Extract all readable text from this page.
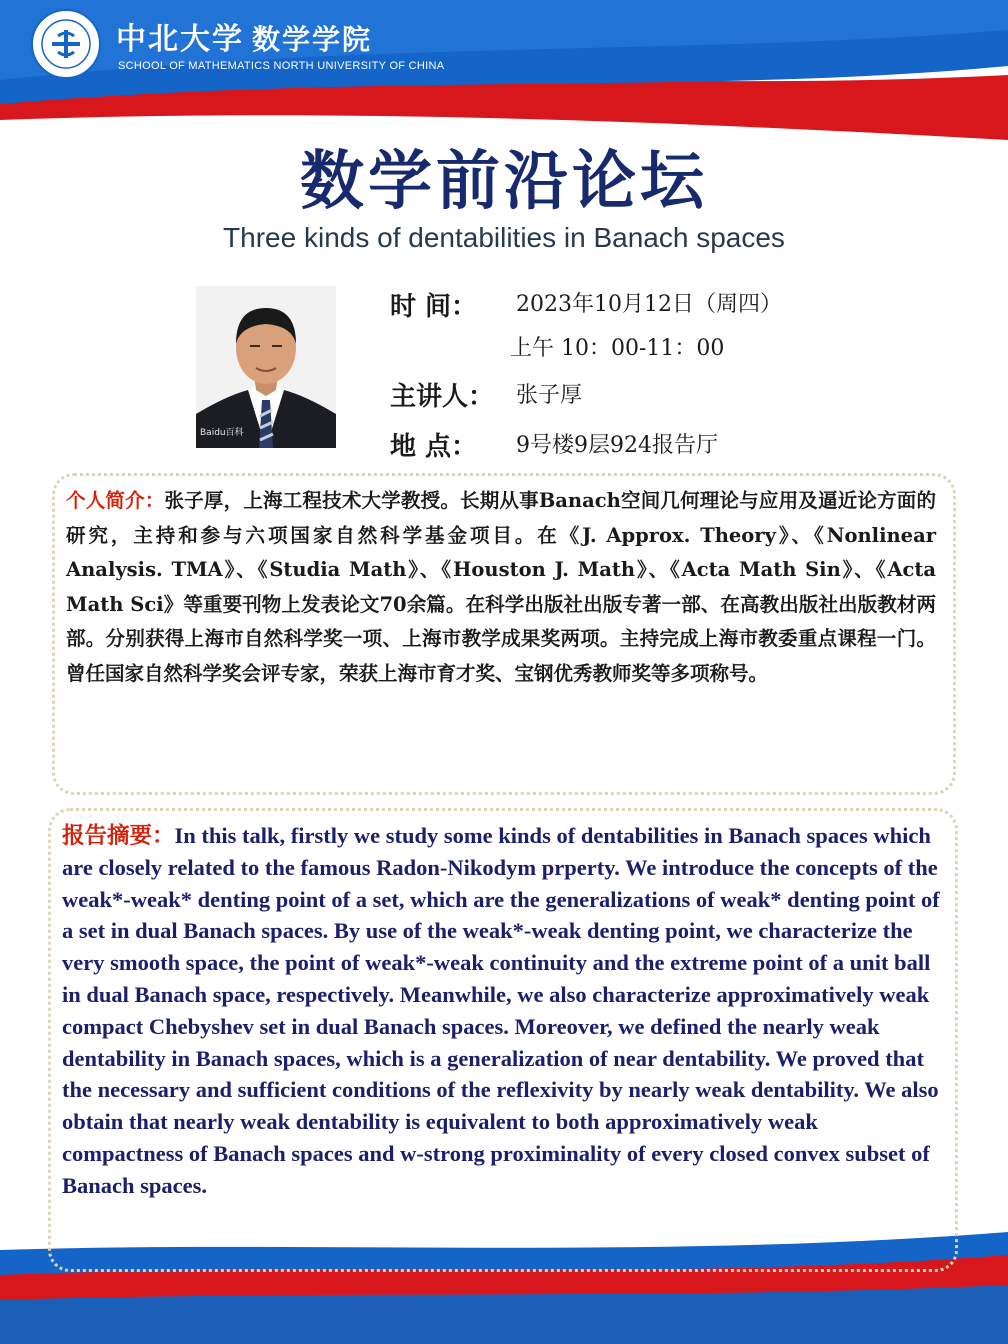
中北大学 数学学院
SCHOOL OF MATHEMATICS NORTH UNIVERSITY OF CHINA
数学前沿论坛
Three kinds of dentabilities in Banach spaces
Baidu百科
时 间： 2023年10月12日（周四）
上午 10：00-11：00
主讲人： 张子厚
地 点： 9号楼9层924报告厅
个人简介：张子厚，上海工程技术大学教授。长期从事Banach空间几何理论与应用及逼近论方面的研究，主持和参与六项国家自然科学基金项目。在《J. Approx. Theory》、《Nonlinear Analysis. TMA》、《Studia Math》、《Houston J. Math》、《Acta Math Sin》、《Acta Math Sci》等重要刊物上发表论文70余篇。在科学出版社出版专著一部、在高教出版社出版教材两部。分别获得上海市自然科学奖一项、上海市教学成果奖两项。主持完成上海市教委重点课程一门。曾任国家自然科学奖会评专家，荣获上海市育才奖、宝钢优秀教师奖等多项称号。
报告摘要：In this talk, firstly we study some kinds of dentabilities in Banach spaces which are closely related to the famous Radon-Nikodym prperty. We introduce the concepts of the weak*-weak* denting point of a set, which are the generalizations of weak* denting point of a set in dual Banach spaces. By use of the weak*-weak denting point, we characterize the very smooth space, the point of weak*-weak continuity and the extreme point of a unit ball in dual Banach space, respectively. Meanwhile, we also characterize approximatively weak compact Chebyshev set in dual Banach spaces. Moreover, we defined the nearly weak dentability in Banach spaces, which is a generalization of near dentability. We proved that the necessary and sufficient conditions of the reflexivity by nearly weak dentability. We also obtain that nearly weak dentability is equivalent to both approximatively weak compactness of Banach spaces and w-strong proximinality of every closed convex subset of Banach spaces.
